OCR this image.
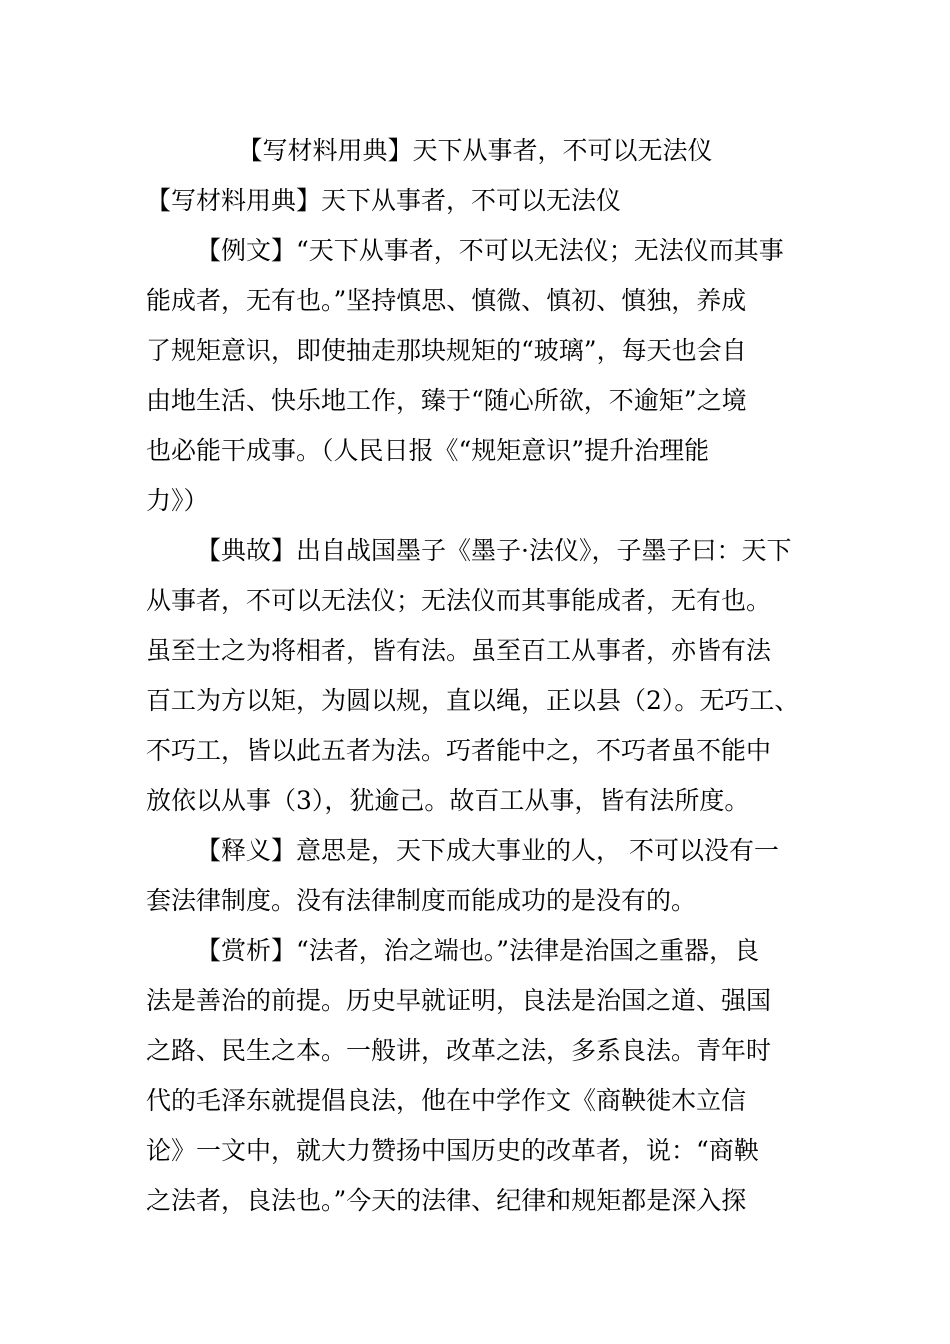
【写材料用典】天下从事者，不可以无法仪
【写材料用典】天下从事者，不可以无法仪
【例文】“天下从事者，不可以无法仪；无法仪而其事
能成者，无有也。”坚持慎思、慎微、慎初、慎独，养成
了规矩意识，即使抽走那块规矩的“玻璃”，每天也会自
由地生活、快乐地工作，臻于“随心所欲，不逾矩”之境
也必能干成事。（人民日报《“规矩意识”提升治理能
力》）
【典故】出自战国墨子《墨子·法仪》，子墨子曰：天下
从事者，不可以无法仪；无法仪而其事能成者，无有也。
虽至士之为将相者，皆有法。虽至百工从事者，亦皆有法
百工为方以矩，为圆以规，直以绳，正以县（2）。无巧工、
不巧工，皆以此五者为法。巧者能中之，不巧者虽不能中
放依以从事（3），犹逾己。故百工从事，皆有法所度。
【释义】意思是，天下成大事业的人， 不可以没有一
套法律制度。没有法律制度而能成功的是没有的。
【赏析】“法者，治之端也。”法律是治国之重器，良
法是善治的前提。历史早就证明，良法是治国之道、强国
之路、民生之本。一般讲，改革之法，多系良法。青年时
代的毛泽东就提倡良法，他在中学作文《商鞅徙木立信
论》一文中，就大力赞扬中国历史的改革者，说：“商鞅
之法者，良法也。”今天的法律、纪律和规矩都是深入探
